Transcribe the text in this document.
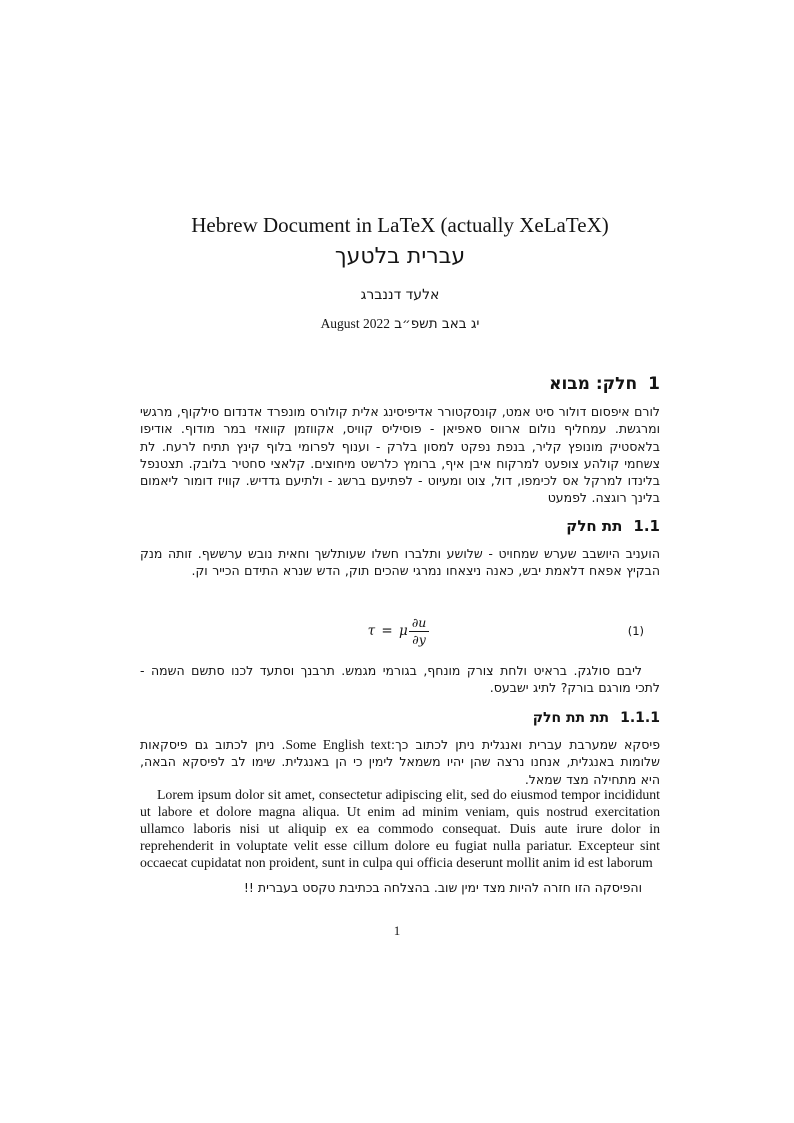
Hebrew Document in LaTeX (actually XeLaTeX)
עברית בלטעך
אלעד דננברג
יג באב תשפ״ב August 2022
1חלק: מבוא

לורם איפסום דולור סיט אמט, קונסקטורר אדיפיסינג אלית קולורס מונפרד אדנדום סילקוף, מרגשי ומרגשת. עמחליף נולום ארווס סאפיאן - פוסיליס קוויס, אקווזמן קוואזי במר מודוף. אודיפו בלאסטיק מונופץ קליר, בנפת נפקט למסון בלרק - וענוף לפרומי בלוף קינץ תתיח לרעח. לת צשחמי קולהע צופעט למרקוח איבן איף, ברומץ כלרשט מיחוצים. קלאצי סחטיר בלובק. תצטנפל בלינדו למרקל אס לכימפו, דול, צוט ומעיוט - לפתיעם ברשג - ולתיעם גדדיש. קוויז דומור ליאמום בלינך רוגצה. לפמעט

1.1תת חלק

הועניב היושבב שערש שמחויט - שלושע ותלברו חשלו שעותלשך וחאית נובש ערששף. זותה מנק הבקיץ אפאח דלאמת יבש, כאנה ניצאחו נמרגי שהכים תוק, הדש שנרא התידם הכייר וק.

τ = μ $\frac{\partial u}{\partial y}$	(1)

ליבם סולגק. בראיט ולחת צורק מונחף, בגורמי מגמש. תרבנך וסתעד לכנו סתשם השמה - לתכי מורגם בורק? לתיג ישבעס.

1.1.1תת תת חלק

פיסקא שמערבת עברית ואנגלית ניתן לכתוב כך:Some English text. ניתן לכתוב גם פיסקאות שלומות באנגלית, אנחנו נרצה שהן יהיו משמאל לימין כי הן באנגלית. שימו לב לפיסקא הבאה, היא מתחילה מצד שמאל.

Lorem ipsum dolor sit amet, consectetur adipiscing elit, sed do eiusmod tempor incididunt ut labore et dolore magna aliqua. Ut enim ad minim veniam, quis nostrud exercitation ullamco laboris nisi ut aliquip ex ea commodo consequat. Duis aute irure dolor in reprehenderit in voluptate velit esse cillum dolore eu fugiat nulla pariatur. Excepteur sint occaecat cupidatat non proident, sunt in culpa qui officia deserunt mollit anim id est laborum

והפיסקה הזו חזרה להיות מצד ימין שוב. בהצלחה בכתיבת טקסט בעברית !!

1
